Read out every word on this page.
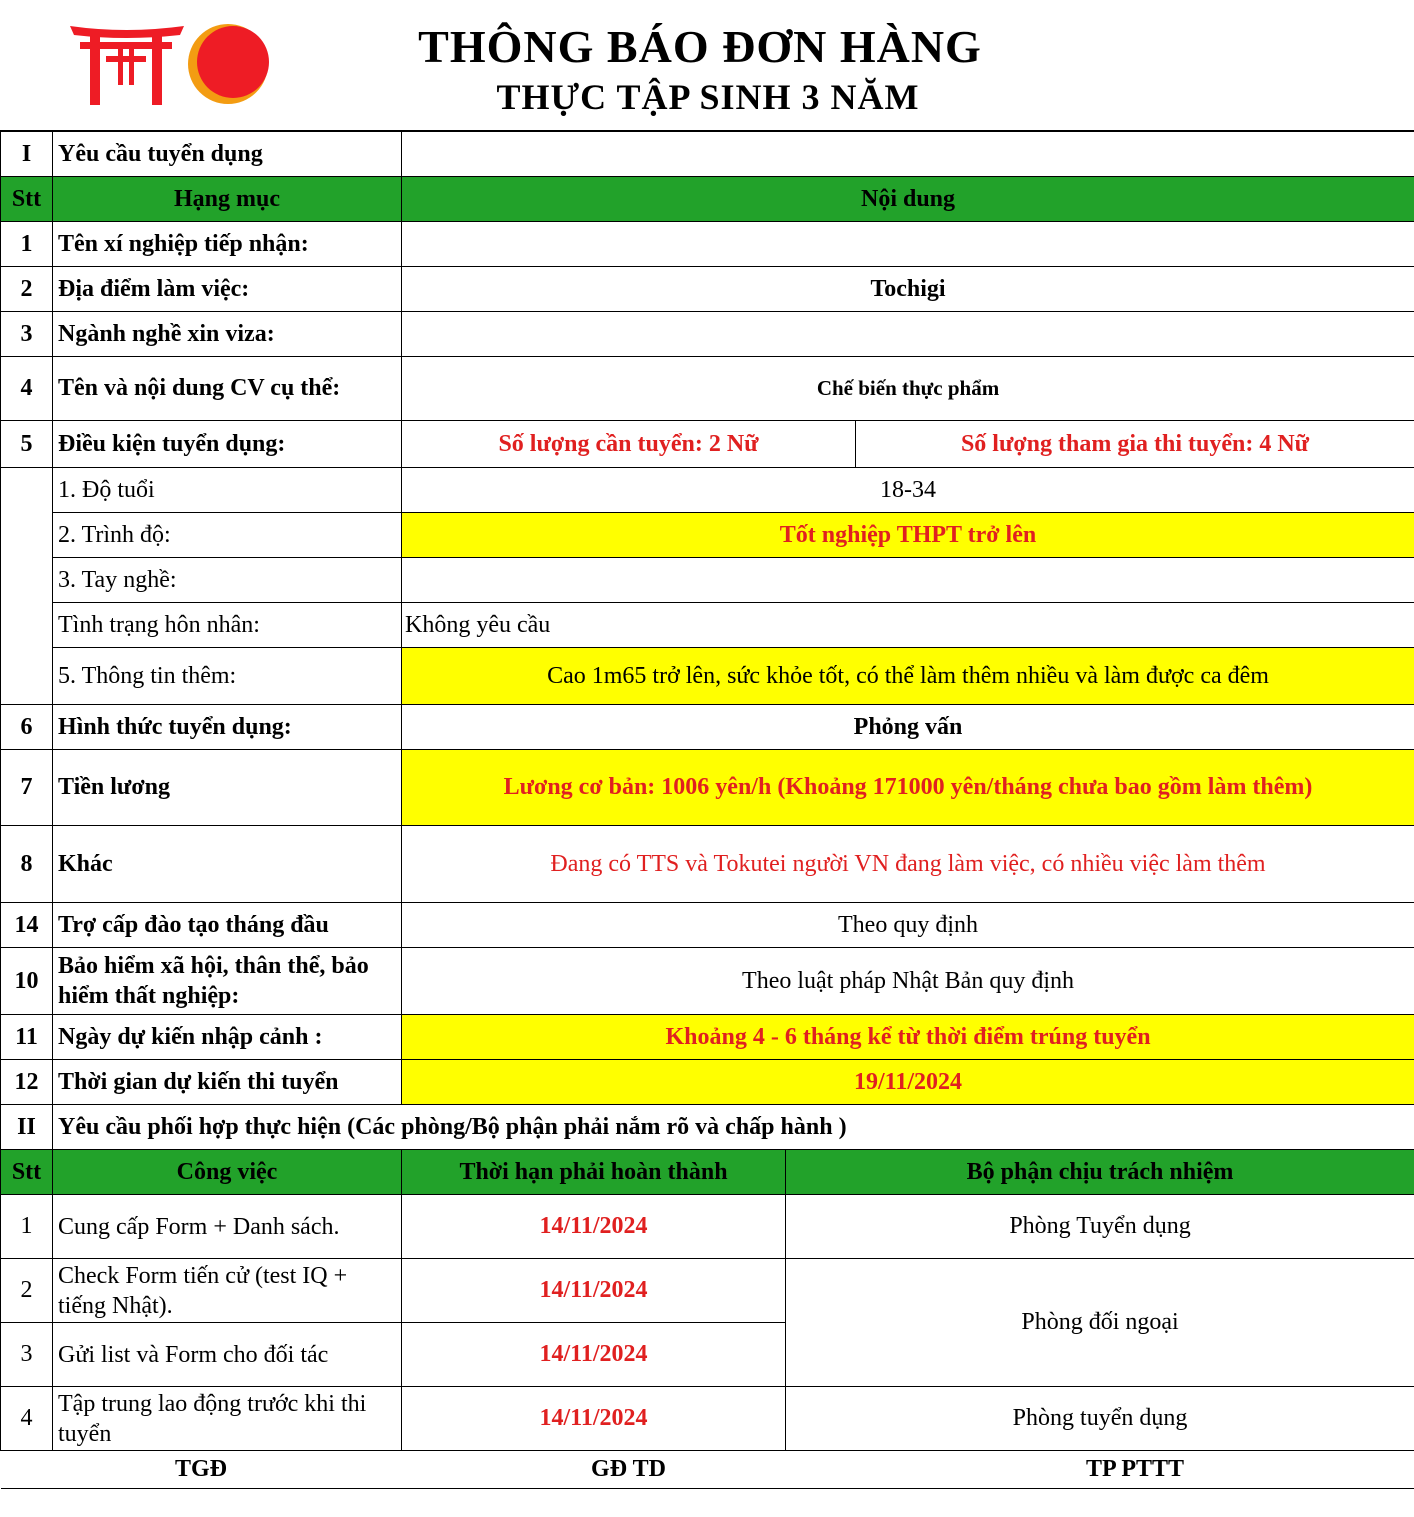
THÔNG BÁO ĐƠN HÀNG
THỰC TẬP SINH 3 NĂM
I	Yêu cầu tuyển dụng			
Stt	Hạng mục	Nội dung		
1	Tên xí nghiệp tiếp nhận:			
2	Địa điểm làm việc:	Tochigi		
3	Ngành nghề xin viza:			
4	Tên và nội dung CV cụ thể:	Chế biến thực phẩm		
5	Điều kiện tuyển dụng:	Số lượng cần tuyển: 2 Nữ		Số lượng tham gia thi tuyển: 4 Nữ
	1. Độ tuổi	18-34		
	2. Trình độ:	Tốt nghiệp THPT trở lên		
	3. Tay nghề:			
	Tình trạng hôn nhân:	Không yêu cầu		
	5. Thông tin thêm:	Cao 1m65 trở lên, sức khỏe tốt, có thể làm thêm nhiều và làm được ca đêm		
6	Hình thức tuyển dụng:	Phỏng vấn		
7	Tiền lương	Lương cơ bản: 1006 yên/h (Khoảng 171000 yên/tháng chưa bao gồm làm thêm)		
8	Khác	Đang có TTS và Tokutei người VN đang làm việc, có nhiều việc làm thêm		
14	Trợ cấp đào tạo tháng đầu	Theo quy định		
10	Bảo hiểm xã hội, thân thể, bảo hiểm thất nghiệp:	Theo luật pháp Nhật Bản quy định		
11	Ngày dự kiến nhập cảnh :	Khoảng 4 - 6 tháng kể từ thời điểm trúng tuyển		
12	Thời gian dự kiến thi tuyển	19/11/2024		
II	Yêu cầu phối hợp thực hiện (Các phòng/Bộ phận phải nắm rõ và chấp hành )			
Stt	Công việc	Thời hạn phải hoàn thành	Bộ phận chịu trách nhiệm	
1	Cung cấp Form + Danh sách.	14/11/2024	Phòng Tuyển dụng	
2	Check Form tiến cử (test IQ + tiếng Nhật).	14/11/2024	Phòng đối ngoại	
3	Gửi list và Form cho đối tác	14/11/2024		
4	Tập trung lao động trước khi thi tuyển	14/11/2024	Phòng tuyển dụng	
TGĐ		GĐ TD		TP PTTT
